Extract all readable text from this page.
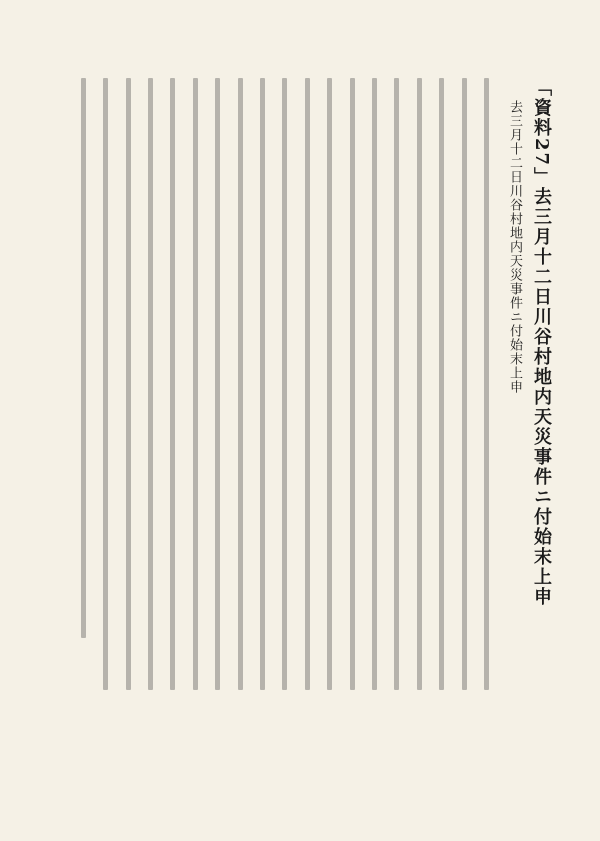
「資料27」去三月十二日川谷村地内天災事件ニ付始末上申
去三月十二日川谷村地内天災事件ニ付始末上申
